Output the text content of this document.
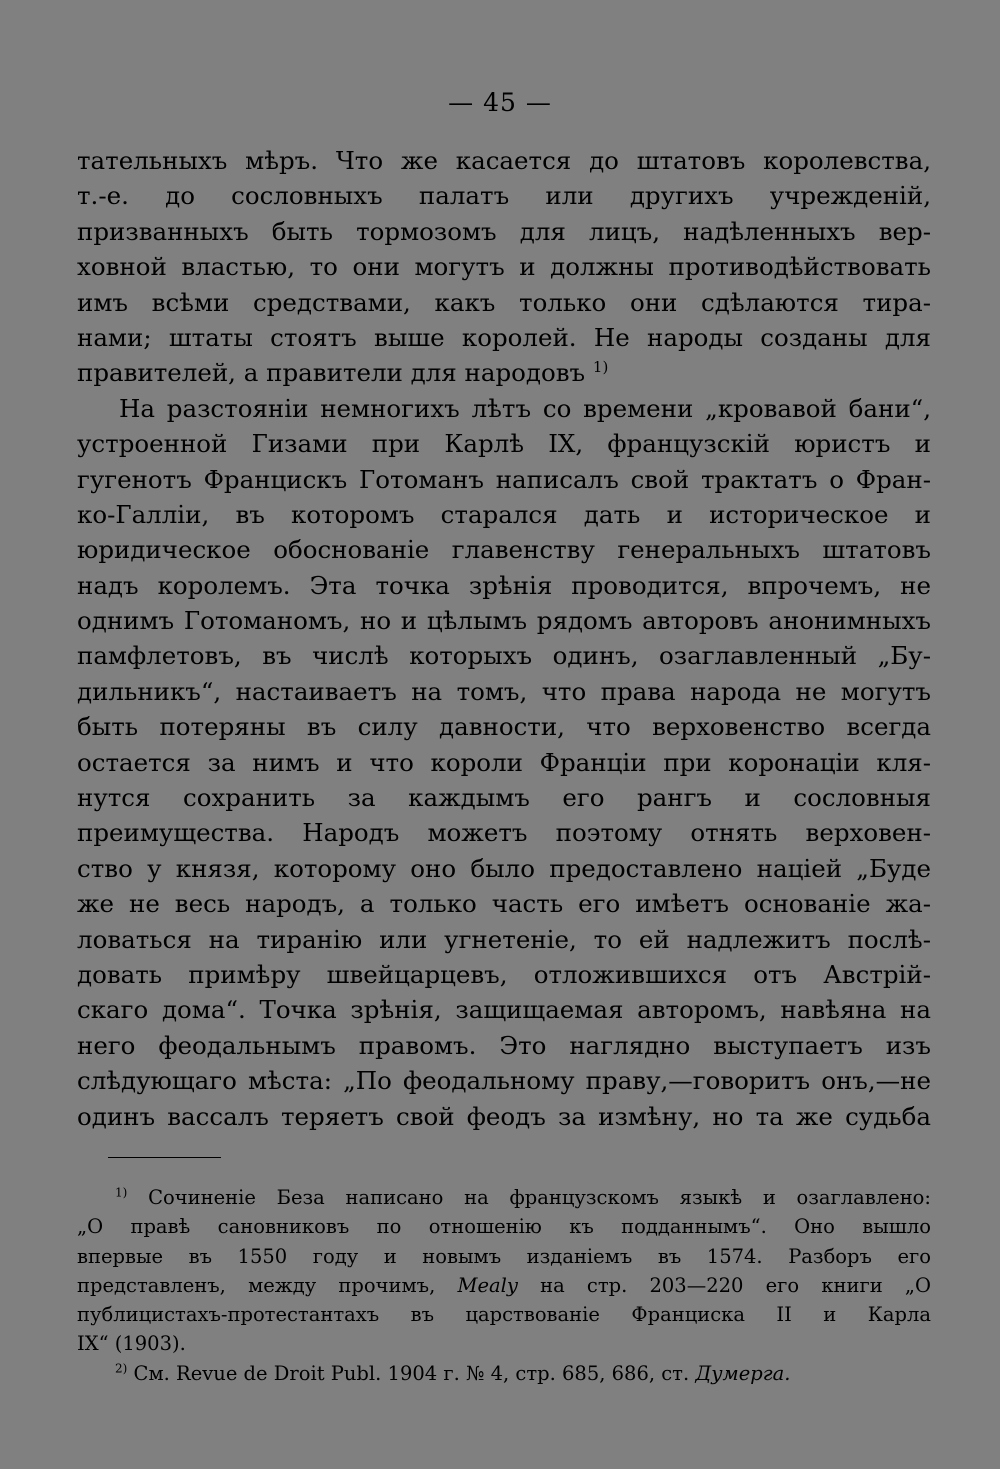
— 45 —
тательныхъ мѣръ. Что же касается до штатовъ королевства,
т.-е. до сословныхъ палатъ или другихъ учрежденій,
призванныхъ быть тормозомъ для лицъ, надѣленныхъ вер-
ховной властью, то они могутъ и должны противодѣйствовать
имъ всѣми средствами, какъ только они сдѣлаются тира-
нами; штаты стоятъ выше королей. Не народы созданы для
правителей, а правители для народовъ $^{1)}$
На разстояніи немногихъ лѣтъ со времени „кровавой бани“,
устроенной Гизами при Карлѣ IX, французскій юристъ и
гугенотъ Францискъ Готоманъ написалъ свой трактатъ о Фран-
ко-Галліи, въ которомъ старался дать и историческое и
юридическое обоснованіе главенству генеральныхъ штатовъ
надъ королемъ. Эта точка зрѣнія проводится, впрочемъ, не
однимъ Готоманомъ, но и цѣлымъ рядомъ авторовъ анонимныхъ
памфлетовъ, въ числѣ которыхъ одинъ, озаглавленный „Бу-
дильникъ“, настаиваетъ на томъ, что права народа не могутъ
быть потеряны въ силу давности, что верховенство всегда
остается за нимъ и что короли Франціи при коронаціи кля-
нутся сохранить за каждымъ его рангъ и сословныя
преимущества. Народъ можетъ поэтому отнять верховен-
ство у князя, которому оно было предоставлено націей „Буде
же не весь народъ, а только часть его имѣетъ основаніе жа-
ловаться на тиранію или угнетеніе, то ей надлежитъ послѣ-
довать примѣру швейцарцевъ, отложившихся отъ Австрій-
скаго дома“. Точка зрѣнія, защищаемая авторомъ, навѣяна на
него феодальнымъ правомъ. Это наглядно выступаетъ изъ
слѣдующаго мѣста: „По феодальному праву,—говоритъ онъ,—не
одинъ вассалъ теряетъ свой феодъ за измѣну, но та же судьба
$^{1)}$ Сочиненіе Беза написано на французскомъ языкѣ и озаглавлено:
„О правѣ сановниковъ по отношенію къ подданнымъ“. Оно вышло
впервые въ 1550 году и новымъ изданіемъ въ 1574. Разборъ его
представленъ, между прочимъ, Mealy на стр. 203—220 его книги „О
публицистахъ-протестантахъ въ царствованіе Франциска II и Карла
IX“ (1903).
$^{2)}$ См. Revue de Droit Publ. 1904 г. № 4, стр. 685, 686, ст. Думерга.
